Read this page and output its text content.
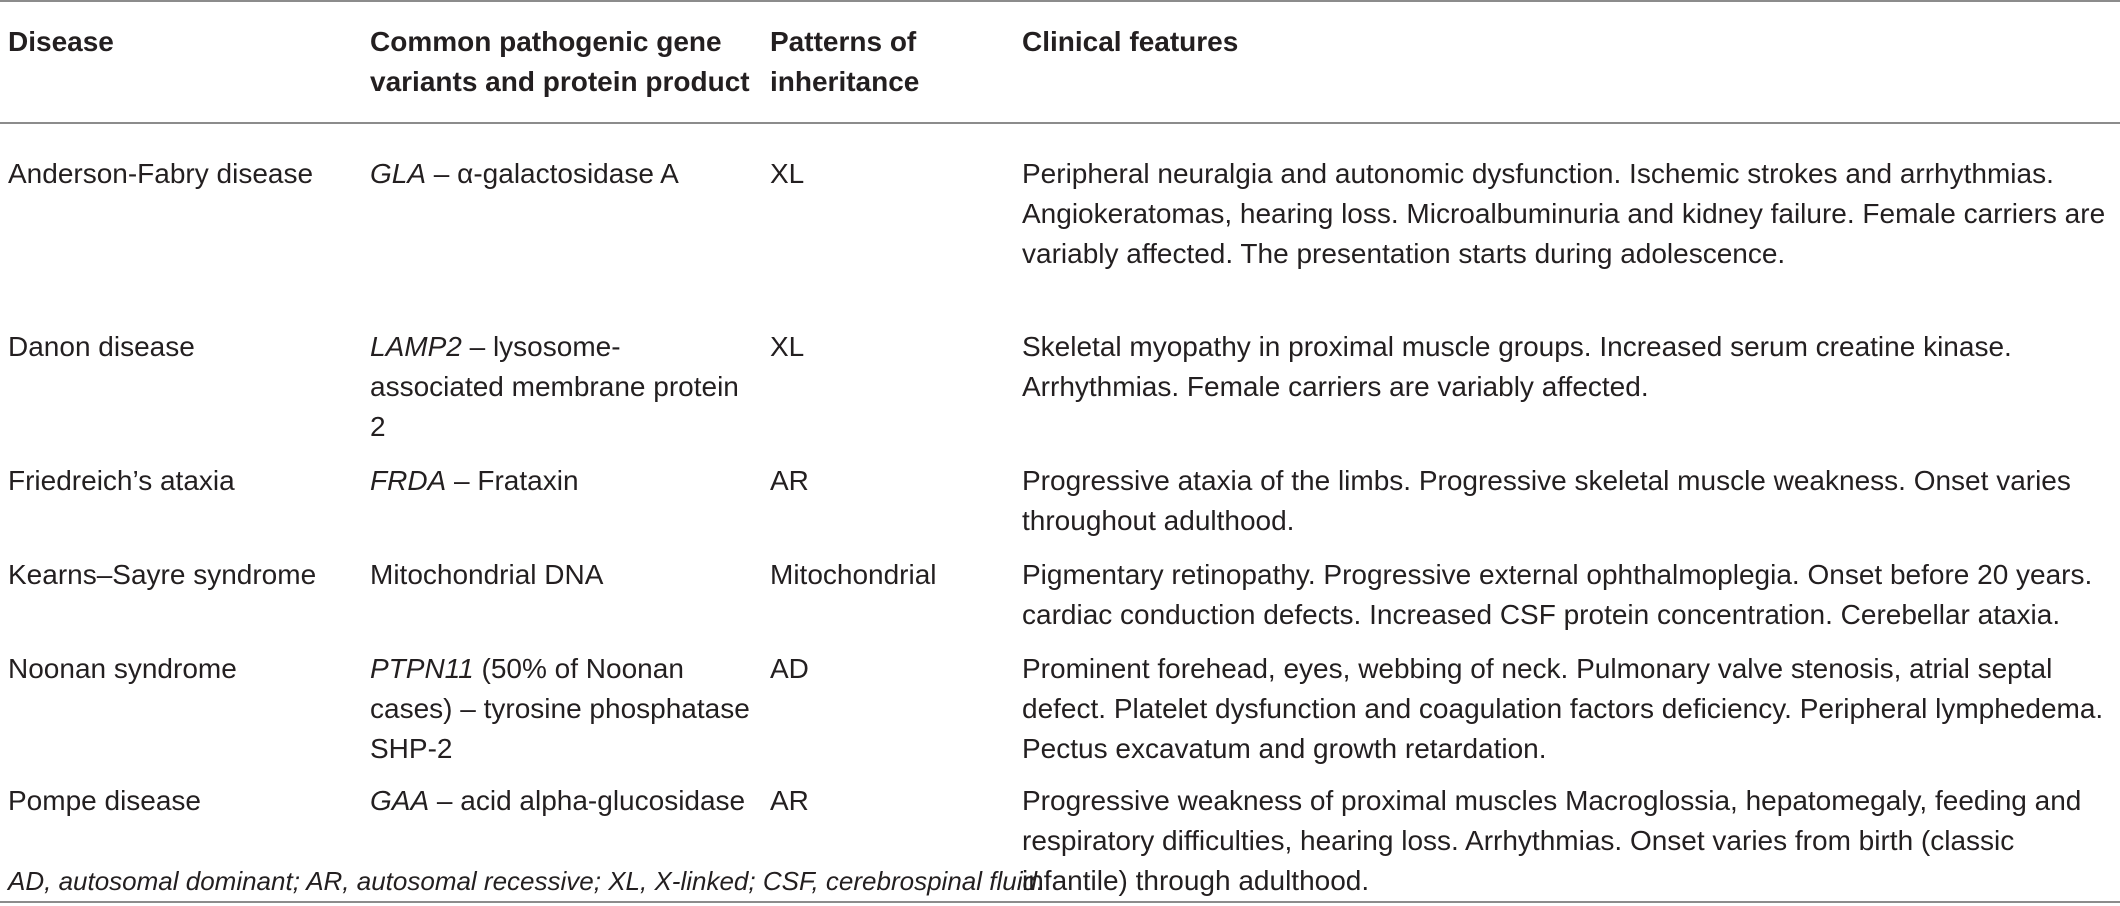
Disease	Common pathogenic gene variants and protein product	Patterns of inheritance	Clinical features
Anderson-Fabry disease	GLA – α-galactosidase A	XL	Peripheral neuralgia and autonomic dysfunction. Ischemic strokes and arrhythmias. Angiokeratomas, hearing loss. Microalbuminuria and kidney failure. Female carriers are variably affected. The presentation starts during adolescence.
Danon disease	LAMP2 – lysosome-associated membrane protein 2	XL	Skeletal myopathy in proximal muscle groups. Increased serum creatine kinase. Arrhythmias. Female carriers are variably affected.
Friedreich’s ataxia	FRDA – Frataxin	AR	Progressive ataxia of the limbs. Progressive skeletal muscle weakness. Onset varies throughout adulthood.
Kearns–Sayre syndrome	Mitochondrial DNA	Mitochondrial	Pigmentary retinopathy. Progressive external ophthalmoplegia. Onset before 20 years. cardiac conduction defects. Increased CSF protein concentration. Cerebellar ataxia.
Noonan syndrome	PTPN11 (50% of Noonan cases) – tyrosine phosphatase SHP-2	AD	Prominent forehead, eyes, webbing of neck. Pulmonary valve stenosis, atrial septal defect. Platelet dysfunction and coagulation factors deficiency. Peripheral lymphedema. Pectus excavatum and growth retardation.
Pompe disease	GAA – acid alpha-glucosidase	AR	Progressive weakness of proximal muscles Macroglossia, hepatomegaly, feeding and respiratory difficulties, hearing loss. Arrhythmias. Onset varies from birth (classic infantile) through adulthood.
AD, autosomal dominant; AR, autosomal recessive; XL, X-linked; CSF, cerebrospinal fluid.
